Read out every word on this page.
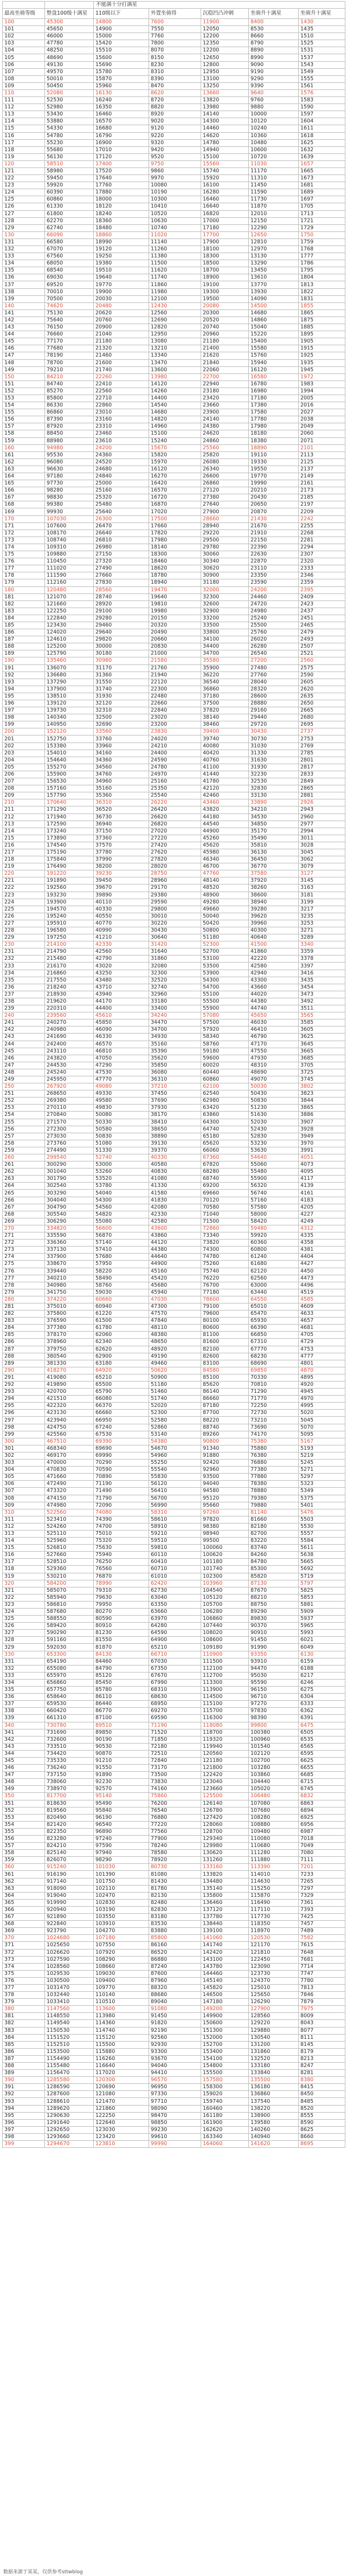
		不能满十分打满星				
最高坐骑等级	整盘100级十满星	110级以下	外置坐骑得	沉稳凹凸冲刺	坐骑升十满星	坐骑升十满星
100	45300	14800	7600	11900	8400	1430
101	45650	14900	7550	12050	8530	1435
102	46000	15000	7760	12200	8660	1510
103	47780	15420	7800	12350	8790	1525
104	48250	15510	8070	12200	8890	1531
105	48690	15600	8150	12650	8990	1537
106	49130	15690	8230	12800	9090	1543
107	49570	15780	8310	12950	9190	1549
108	50010	15870	8390	13100	9290	1555
109	50450	15960	8470	13250	9390	1561
110	52080	16130	8620	13660	9640	1576
111	52530	16240	8720	13820	9760	1583
112	52980	16350	8820	13980	9880	1590
113	53430	16460	8920	14140	10000	1597
114	53880	16570	9020	14300	10120	1604
115	54330	16680	9120	14460	10240	1611
116	54780	16790	9220	14620	10360	1618
117	55230	16900	9320	14780	10480	1625
118	55680	17010	9420	14940	10600	1632
119	56130	17120	9520	15100	10720	1639
120	58510	17400	9750	15560	11030	1657
121	58980	17520	9860	15740	11170	1665
122	59450	17640	9970	15920	11310	1673
123	59920	17760	10080	16100	11450	1681
124	60390	17880	10190	16280	11590	1689
125	60860	18000	10300	16460	11730	1697
126	61330	18120	10410	16640	11870	1705
127	61800	18240	10520	16820	12010	1713
128	62270	18360	10630	17000	12150	1721
129	62740	18480	10740	17180	12290	1729
130	66090	18860	11020	17700	12650	1750
131	66580	18990	11140	17900	12810	1759
132	67070	19120	11260	18100	12970	1768
133	67560	19250	11380	18300	13130	1777
134	68050	19380	11500	18500	13290	1786
135	68540	19510	11620	18700	13450	1795
136	69030	19640	11740	18900	13610	1804
137	69520	19770	11860	19100	13770	1813
138	70010	19900	11980	19300	13930	1822
139	70500	20030	12100	19500	14090	1831
140	74620	20480	12430	20080	14500	1855
141	75130	20620	12560	20300	14680	1865
142	75640	20760	12690	20520	14860	1875
143	76150	20900	12820	20740	15040	1885
144	76660	21040	12950	20960	15220	1895
145	77170	21180	13080	21180	15400	1905
146	77680	21320	13210	21400	15580	1915
147	78190	21460	13340	21620	15760	1925
148	78700	21600	13470	21840	15940	1935
149	79210	21740	13600	22060	16120	1945
150	84210	22260	13980	22700	16580	1972
151	84740	22410	14120	22940	16780	1983
152	85270	22560	14260	23180	16980	1994
153	85800	22710	14400	23420	17180	2005
154	86330	22860	14540	23660	17380	2016
155	86860	23010	14680	23900	17580	2027
156	87390	23160	14820	24140	17780	2038
157	87920	23310	14960	24380	17980	2049
158	88450	23460	15100	24620	18180	2060
159	88980	23610	15240	24860	18380	2071
160	94980	24200	15670	25560	18890	2101
161	95530	24360	15820	25820	19110	2113
162	96080	24520	15970	26080	19330	2125
163	96630	24680	16120	26340	19550	2137
164	97180	24840	16270	26600	19770	2149
165	97730	25000	16420	26860	19990	2161
166	98280	25160	16570	27120	20210	2173
167	98830	25320	16720	27380	20430	2185
168	99380	25480	16870	27640	20650	2197
169	99930	25640	17020	27900	20870	2209
170	107030	26300	17500	28660	21430	2242
171	107600	26470	17660	28940	21670	2255
172	108170	26640	17820	29220	21910	2268
173	108740	26810	17980	29500	22150	2281
174	109310	26980	18140	29780	22390	2294
175	109880	27150	18300	30060	22630	2307
176	110450	27320	18460	30340	22870	2320
177	111020	27490	18620	30620	23110	2333
178	111590	27660	18780	30900	23350	2346
179	112160	27830	18940	31180	23590	2359
180	120480	28560	19470	32000	24200	2395
181	121070	28740	19640	32300	24460	2409
182	121660	28920	19810	32600	24720	2423
183	122250	29100	19980	32900	24980	2437
184	122840	29280	20150	33200	25240	2451
185	123430	29460	20320	33500	25500	2465
186	124020	29640	20490	33800	25760	2479
187	124610	29820	20660	34100	26020	2493
188	125200	30000	20830	34400	26280	2507
189	125790	30180	21000	34700	26540	2521
190	135460	30980	21580	35580	27200	2560
191	136070	31170	21760	35900	27480	2575
192	136680	31360	21940	36220	27760	2590
193	137290	31550	22120	36540	28040	2605
194	137900	31740	22300	36860	28320	2620
195	138510	31930	22480	37180	28600	2635
196	139120	32120	22660	37500	28880	2650
197	139730	32310	22840	37820	29160	2665
198	140340	32500	23020	38140	29440	2680
199	140950	32690	23200	38460	29720	2695
200	152120	33560	23830	39400	30430	2737
201	152750	33760	24020	39740	30730	2753
202	153380	33960	24210	40080	31030	2769
203	154010	34160	24400	40420	31330	2785
204	154640	34360	24590	40760	31630	2801
205	155270	34560	24780	41100	31930	2817
206	155900	34760	24970	41440	32230	2833
207	156530	34960	25160	41780	32530	2849
208	157160	35160	25350	42120	32830	2865
209	157790	35360	25540	42460	33130	2881
210	170640	36310	26220	43460	33890	2926
211	171290	36520	26420	43820	34210	2943
212	171940	36730	26620	44180	34530	2960
213	172590	36940	26820	44540	34850	2977
214	173240	37150	27020	44900	35170	2994
215	173890	37360	27220	45260	35490	3011
216	174540	37570	27420	45620	35810	3028
217	175190	37780	27620	45980	36130	3045
218	175840	37990	27820	46340	36450	3062
219	176490	38200	28020	46700	36770	3079
220	191220	39230	28750	47760	37580	3127
221	191890	39450	28960	48140	37920	3145
222	192560	39670	29170	48520	38260	3163
223	193230	39890	29380	48900	38600	3181
224	193900	40110	29590	49280	38940	3199
225	194570	40330	29800	49660	39280	3217
226	195240	40550	30010	50040	39620	3235
227	195910	40770	30220	50420	39960	3253
228	196580	40990	30430	50800	40300	3271
229	197250	41210	30640	51180	40640	3289
230	214100	42330	31420	52300	41500	3340
231	214790	42560	31640	52700	41860	3359
232	215480	42790	31860	53100	42220	3378
233	216170	43020	32080	53500	42580	3397
234	216860	43250	32300	53900	42940	3416
235	217550	43480	32520	54300	43300	3435
236	218240	43710	32740	54700	43660	3454
237	218930	43940	32960	55100	44020	3473
238	219620	44170	33180	55500	44380	3492
239	220310	44400	33400	55900	44740	3511
240	239560	45610	34240	57080	45650	3565
241	240270	45850	34470	57500	46030	3585
242	240980	46090	34700	57920	46410	3605
243	241690	46330	34930	58340	46790	3625
244	242400	46570	35160	58760	47170	3645
245	243110	46810	35390	59180	47550	3665
246	243820	47050	35620	59600	47930	3685
247	244530	47290	35850	60020	48310	3705
248	245240	47530	36080	60440	48690	3725
249	245950	47770	36310	60860	49070	3745
250	267920	49080	37210	62100	50030	3802
251	268650	49330	37450	62540	50430	3823
252	269380	49580	37690	62980	50830	3844
253	270110	49830	37930	63420	51230	3865
254	270840	50080	38170	63860	51630	3886
255	271570	50330	38410	64300	52030	3907
256	272300	50580	38650	64740	52430	3928
257	273030	50830	38890	65180	52830	3949
258	273760	51080	39130	65620	53230	3970
259	274490	51330	39370	66060	53630	3991
260	299540	52740	40330	67360	54640	4051
261	300290	53000	40580	67820	55060	4073
262	301040	53260	40830	68280	55480	4095
263	301790	53520	41080	68740	55900	4117
264	302540	53780	41330	69200	56320	4139
265	303290	54040	41580	69660	56740	4161
266	304040	54300	41830	70120	57160	4183
267	304790	54560	42080	70580	57580	4205
268	305540	54820	42330	71040	58000	4227
269	306290	55080	42580	71500	58420	4249
270	334820	56600	43600	72860	59480	4312
271	335590	56870	43860	73340	59920	4335
272	336360	57140	44120	73820	60360	4358
273	337130	57410	44380	74300	60800	4381
274	337900	57680	44640	74780	61240	4404
275	338670	57950	44900	75260	61680	4427
276	339440	58220	45160	75740	62120	4450
277	340210	58490	45420	76220	62560	4473
278	340980	58760	45680	76700	63000	4496
279	341750	59030	45940	77180	63440	4519
280	374220	60660	47030	78600	64550	4585
281	375010	60940	47300	79100	65010	4609
282	375800	61220	47570	79600	65470	4633
283	376590	61500	47840	80100	65930	4657
284	377380	61780	48110	80600	66390	4681
285	378170	62060	48380	81100	66850	4705
286	378960	62340	48650	81600	67310	4729
287	379750	62620	48920	82100	67770	4753
288	380540	62900	49190	82600	68230	4777
289	381330	63180	49460	83100	68690	4801
290	418270	64920	50620	84580	69850	4870
291	419080	65210	50900	85100	70330	4895
292	419890	65500	51180	85620	70810	4920
293	420700	65790	51460	86140	71290	4945
294	421510	66080	51740	86660	71770	4970
295	422320	66370	52020	87180	72250	4995
296	423130	66660	52300	87700	72730	5020
297	423940	66950	52580	88220	73210	5045
298	424750	67240	52860	88740	73690	5070
299	425560	67530	53140	89260	74170	5095
300	467510	69390	54380	90800	75380	5167
301	468340	69690	54670	91340	75880	5193
302	469170	69990	54960	91880	76380	5219
303	470000	70290	55250	92420	76880	5245
304	470830	70590	55540	92960	77380	5271
305	471660	70890	55830	93500	77880	5297
306	472490	71190	56120	94040	78380	5323
307	473320	71490	56410	94580	78880	5349
308	474150	71790	56700	95120	79380	5375
309	474980	72090	56990	95660	79880	5401
310	522560	74080	58310	97260	81140	5476
311	523410	74390	58610	97820	81660	5503
312	524260	74700	58910	98380	82180	5530
313	525110	75010	59210	98940	82700	5557
314	525960	75320	59510	99500	83220	5584
315	526810	75630	59810	100060	83740	5611
316	527660	75940	60110	100620	84260	5638
317	528510	76250	60410	101180	84780	5665
318	529360	76560	60710	101740	85300	5692
319	530210	76870	61010	102300	85820	5719
320	584200	78990	62420	103960	87130	5797
321	585070	79310	62730	104540	87670	5825
322	585940	79630	63040	105120	88210	5853
323	586810	79950	63350	105700	88750	5881
324	587680	80270	63660	106280	89290	5909
325	588550	80590	63970	106860	89830	5937
326	589420	80910	64280	107440	90370	5965
327	590290	81230	64590	108020	90910	5993
328	591160	81550	64900	108600	91450	6021
329	592030	81870	65210	109180	91990	6049
330	653300	84130	66710	110900	93350	6130
331	654190	84460	67030	111500	93910	6159
332	655080	84790	67350	112100	94470	6188
333	655970	85120	67670	112700	95030	6217
334	656860	85450	67990	113300	95590	6246
335	657750	85780	68310	113900	96150	6275
336	658640	86110	68630	114500	96710	6304
337	659530	86440	68950	115100	97270	6333
338	660420	86770	69270	115700	97830	6362
339	661310	87100	69590	116300	98390	6391
340	730780	89510	71190	118080	99800	6475
341	731690	89850	71520	118700	100380	6505
342	732600	90190	71850	119320	100960	6535
343	733510	90530	72180	119940	101540	6565
344	734420	90870	72510	120560	102120	6595
345	735330	91210	72840	121180	102700	6625
346	736240	91550	73170	121800	103280	6655
347	737150	91890	73500	122420	103860	6685
348	738060	92230	73830	123040	104440	6715
349	738970	92570	74160	123660	105020	6745
350	817700	95140	75860	125500	106480	6832
351	818630	95490	76200	126140	107080	6863
352	819560	95840	76540	126780	107680	6894
353	820490	96190	76880	127420	108280	6925
354	821420	96540	77220	128060	108880	6956
355	822350	96890	77560	128700	109480	6987
356	823280	97240	77900	129340	110080	7018
357	824210	97590	78240	129980	110680	7049
358	825140	97940	78580	130620	111280	7080
359	826070	98290	78920	131260	111880	7111
360	915240	101030	80730	133160	113390	7201
361	916190	101390	81080	133820	114010	7233
362	917140	101750	81430	134480	114630	7265
363	918090	102110	81780	135140	115250	7297
364	919040	102470	82130	135800	115870	7329
365	919990	102830	82480	136460	116490	7361
366	920940	103190	82830	137120	117110	7393
367	921890	103550	83180	137780	117730	7425
368	922840	103910	83530	138440	118350	7457
369	923790	104270	83880	139100	118970	7489
370	1024680	107180	85800	141060	120530	7582
371	1025650	107550	86160	141740	121170	7615
372	1026620	107920	86520	142420	121810	7648
373	1027590	108290	86880	143100	122450	7681
374	1028560	108660	87240	143780	123090	7714
375	1029530	109030	87600	144460	123730	7747
376	1030500	109400	87960	145140	124370	7780
377	1031470	109770	88320	145820	125010	7813
378	1032440	110140	88680	146500	125650	7846
379	1033410	110510	89040	147180	126290	7879
380	1147560	113600	91080	149200	127900	7975
381	1148550	113980	91450	149900	128560	8009
382	1149540	114360	91820	150600	129220	8043
383	1150530	114740	92190	151300	129880	8077
384	1151520	115120	92560	152000	130540	8111
385	1152510	115500	92930	152700	131200	8145
386	1153500	115880	93300	153400	131860	8179
387	1154490	116260	93670	154100	132520	8213
388	1155480	116640	94040	154800	133180	8247
389	1156470	117020	94410	155500	133840	8281
390	1285580	120300	96570	157580	135500	8380
391	1286590	120690	96950	158300	136180	8415
392	1287600	121080	97330	159020	136860	8450
393	1288610	121470	97710	159740	137540	8485
394	1289620	121860	98090	160460	138220	8520
395	1290630	122250	98470	161180	138900	8555
396	1291640	122640	98850	161900	139580	8590
397	1292650	123030	99230	162620	140260	8625
398	1293660	123420	99610	163340	140940	8660
399	1294670	123810	99990	164060	141620	8695
数据来源于某某，仅供参考sttwblog
